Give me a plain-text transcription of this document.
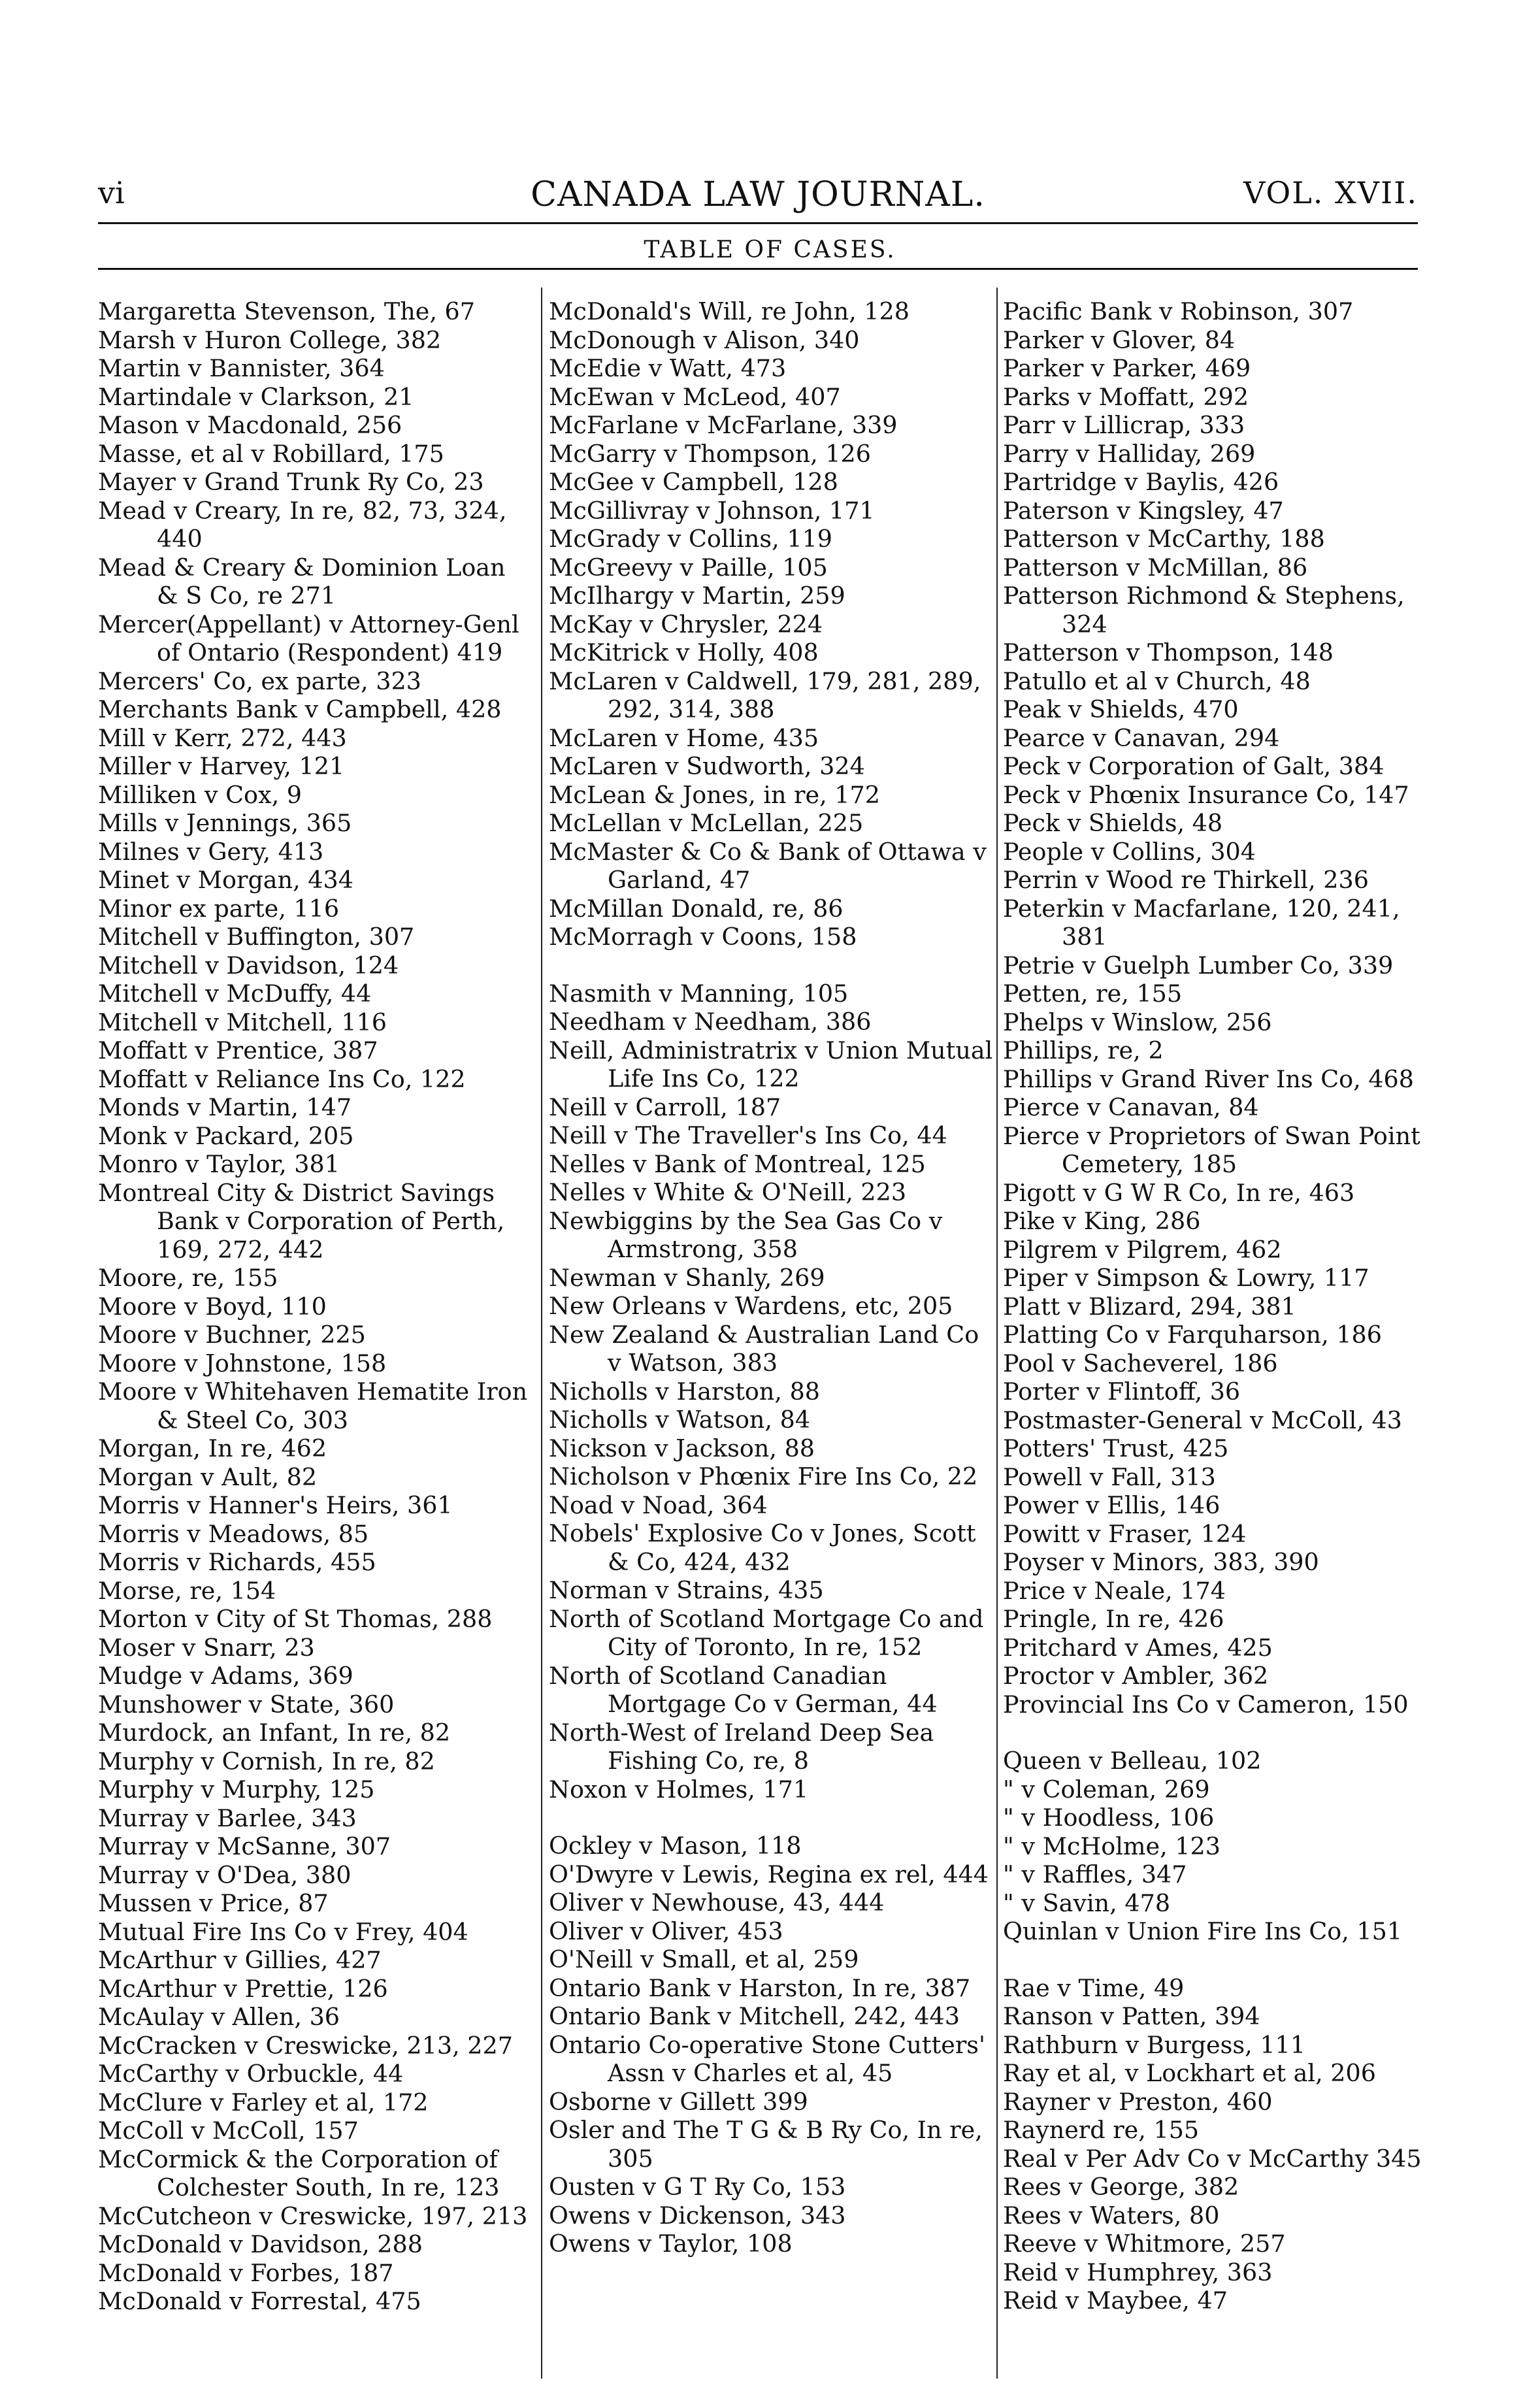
vi	CANADA LAW JOURNAL.	VOL. XVII.
TABLE OF CASES.

Margaretta Stevenson, The, 67

Marsh v Huron College, 382

Martin v Bannister, 364

Martindale v Clarkson, 21

Mason v Macdonald, 256

Masse, et al v Robillard, 175

Mayer v Grand Trunk Ry Co, 23

Mead v Creary, In re, 82, 73, 324, 440

Mead & Creary & Dominion Loan & S Co, re 271

Mercer(Appellant) v Attorney-Genl of Ontario (Respondent) 419

Mercers' Co, ex parte, 323

Merchants Bank v Campbell, 428

Mill v Kerr, 272, 443

Miller v Harvey, 121

Milliken v Cox, 9

Mills v Jennings, 365

Milnes v Gery, 413

Minet v Morgan, 434

Minor ex parte, 116

Mitchell v Buffington, 307

Mitchell v Davidson, 124

Mitchell v McDuffy, 44

Mitchell v Mitchell, 116

Moffatt v Prentice, 387

Moffatt v Reliance Ins Co, 122

Monds v Martin, 147

Monk v Packard, 205

Monro v Taylor, 381

Montreal City & District Savings Bank v Corporation of Perth, 169, 272, 442

Moore, re, 155

Moore v Boyd, 110

Moore v Buchner, 225

Moore v Johnstone, 158

Moore v Whitehaven Hematite Iron & Steel Co, 303

Morgan, In re, 462

Morgan v Ault, 82

Morris v Hanner's Heirs, 361

Morris v Meadows, 85

Morris v Richards, 455

Morse, re, 154

Morton v City of St Thomas, 288

Moser v Snarr, 23

Mudge v Adams, 369

Munshower v State, 360

Murdock, an Infant, In re, 82

Murphy v Cornish, In re, 82

Murphy v Murphy, 125

Murray v Barlee, 343

Murray v McSanne, 307

Murray v O'Dea, 380

Mussen v Price, 87

Mutual Fire Ins Co v Frey, 404

McArthur v Gillies, 427

McArthur v Prettie, 126

McAulay v Allen, 36

McCracken v Creswicke, 213, 227

McCarthy v Orbuckle, 44

McClure v Farley et al, 172

McColl v McColl, 157

McCormick & the Corporation of Colchester South, In re, 123

McCutcheon v Creswicke, 197, 213

McDonald v Davidson, 288

McDonald v Forbes, 187

McDonald v Forrestal, 475

McDonald's Will, re John, 128

McDonough v Alison, 340

McEdie v Watt, 473

McEwan v McLeod, 407

McFarlane v McFarlane, 339

McGarry v Thompson, 126

McGee v Campbell, 128

McGillivray v Johnson, 171

McGrady v Collins, 119

McGreevy v Paille, 105

McIlhargy v Martin, 259

McKay v Chrysler, 224

McKitrick v Holly, 408

McLaren v Caldwell, 179, 281, 289, 292, 314, 388

McLaren v Home, 435

McLaren v Sudworth, 324

McLean & Jones, in re, 172

McLellan v McLellan, 225

McMaster & Co & Bank of Ottawa v Garland, 47

McMillan Donald, re, 86

McMorragh v Coons, 158

Nasmith v Manning, 105

Needham v Needham, 386

Neill, Administratrix v Union Mutual Life Ins Co, 122

Neill v Carroll, 187

Neill v The Traveller's Ins Co, 44

Nelles v Bank of Montreal, 125

Nelles v White & O'Neill, 223

Newbiggins by the Sea Gas Co v Armstrong, 358

Newman v Shanly, 269

New Orleans v Wardens, etc, 205

New Zealand & Australian Land Co v Watson, 383

Nicholls v Harston, 88

Nicholls v Watson, 84

Nickson v Jackson, 88

Nicholson v Phœnix Fire Ins Co, 22

Noad v Noad, 364

Nobels' Explosive Co v Jones, Scott & Co, 424, 432

Norman v Strains, 435

North of Scotland Mortgage Co and City of Toronto, In re, 152

North of Scotland Canadian Mortgage Co v German, 44

North-West of Ireland Deep Sea Fishing Co, re, 8

Noxon v Holmes, 171

Ockley v Mason, 118

O'Dwyre v Lewis, Regina ex rel, 444

Oliver v Newhouse, 43, 444

Oliver v Oliver, 453

O'Neill v Small, et al, 259

Ontario Bank v Harston, In re, 387

Ontario Bank v Mitchell, 242, 443

Ontario Co-operative Stone Cutters' Assn v Charles et al, 45

Osborne v Gillett 399

Osler and The T G & B Ry Co, In re, 305

Ousten v G T Ry Co, 153

Owens v Dickenson, 343

Owens v Taylor, 108

Pacific Bank v Robinson, 307

Parker v Glover, 84

Parker v Parker, 469

Parks v Moffatt, 292

Parr v Lillicrap, 333

Parry v Halliday, 269

Partridge v Baylis, 426

Paterson v Kingsley, 47

Patterson v McCarthy, 188

Patterson v McMillan, 86

Patterson Richmond & Stephens, 324

Patterson v Thompson, 148

Patullo et al v Church, 48

Peak v Shields, 470

Pearce v Canavan, 294

Peck v Corporation of Galt, 384

Peck v Phœnix Insurance Co, 147

Peck v Shields, 48

People v Collins, 304

Perrin v Wood re Thirkell, 236

Peterkin v Macfarlane, 120, 241, 381

Petrie v Guelph Lumber Co, 339

Petten, re, 155

Phelps v Winslow, 256

Phillips, re, 2

Phillips v Grand River Ins Co, 468

Pierce v Canavan, 84

Pierce v Proprietors of Swan Point Cemetery, 185

Pigott v G W R Co, In re, 463

Pike v King, 286

Pilgrem v Pilgrem, 462

Piper v Simpson & Lowry, 117

Platt v Blizard, 294, 381

Platting Co v Farquharson, 186

Pool v Sacheverel, 186

Porter v Flintoff, 36

Postmaster-General v McColl, 43

Potters' Trust, 425

Powell v Fall, 313

Power v Ellis, 146

Powitt v Fraser, 124

Poyser v Minors, 383, 390

Price v Neale, 174

Pringle, In re, 426

Pritchard v Ames, 425

Proctor v Ambler, 362

Provincial Ins Co v Cameron, 150

Queen v Belleau, 102

" v Coleman, 269

" v Hoodless, 106

" v McHolme, 123

" v Raffles, 347

" v Savin, 478

Quinlan v Union Fire Ins Co, 151

Rae v Time, 49

Ranson v Patten, 394

Rathburn v Burgess, 111

Ray et al, v Lockhart et al, 206

Rayner v Preston, 460

Raynerd re, 155

Real v Per Adv Co v McCarthy 345

Rees v George, 382

Rees v Waters, 80

Reeve v Whitmore, 257

Reid v Humphrey, 363

Reid v Maybee, 47
